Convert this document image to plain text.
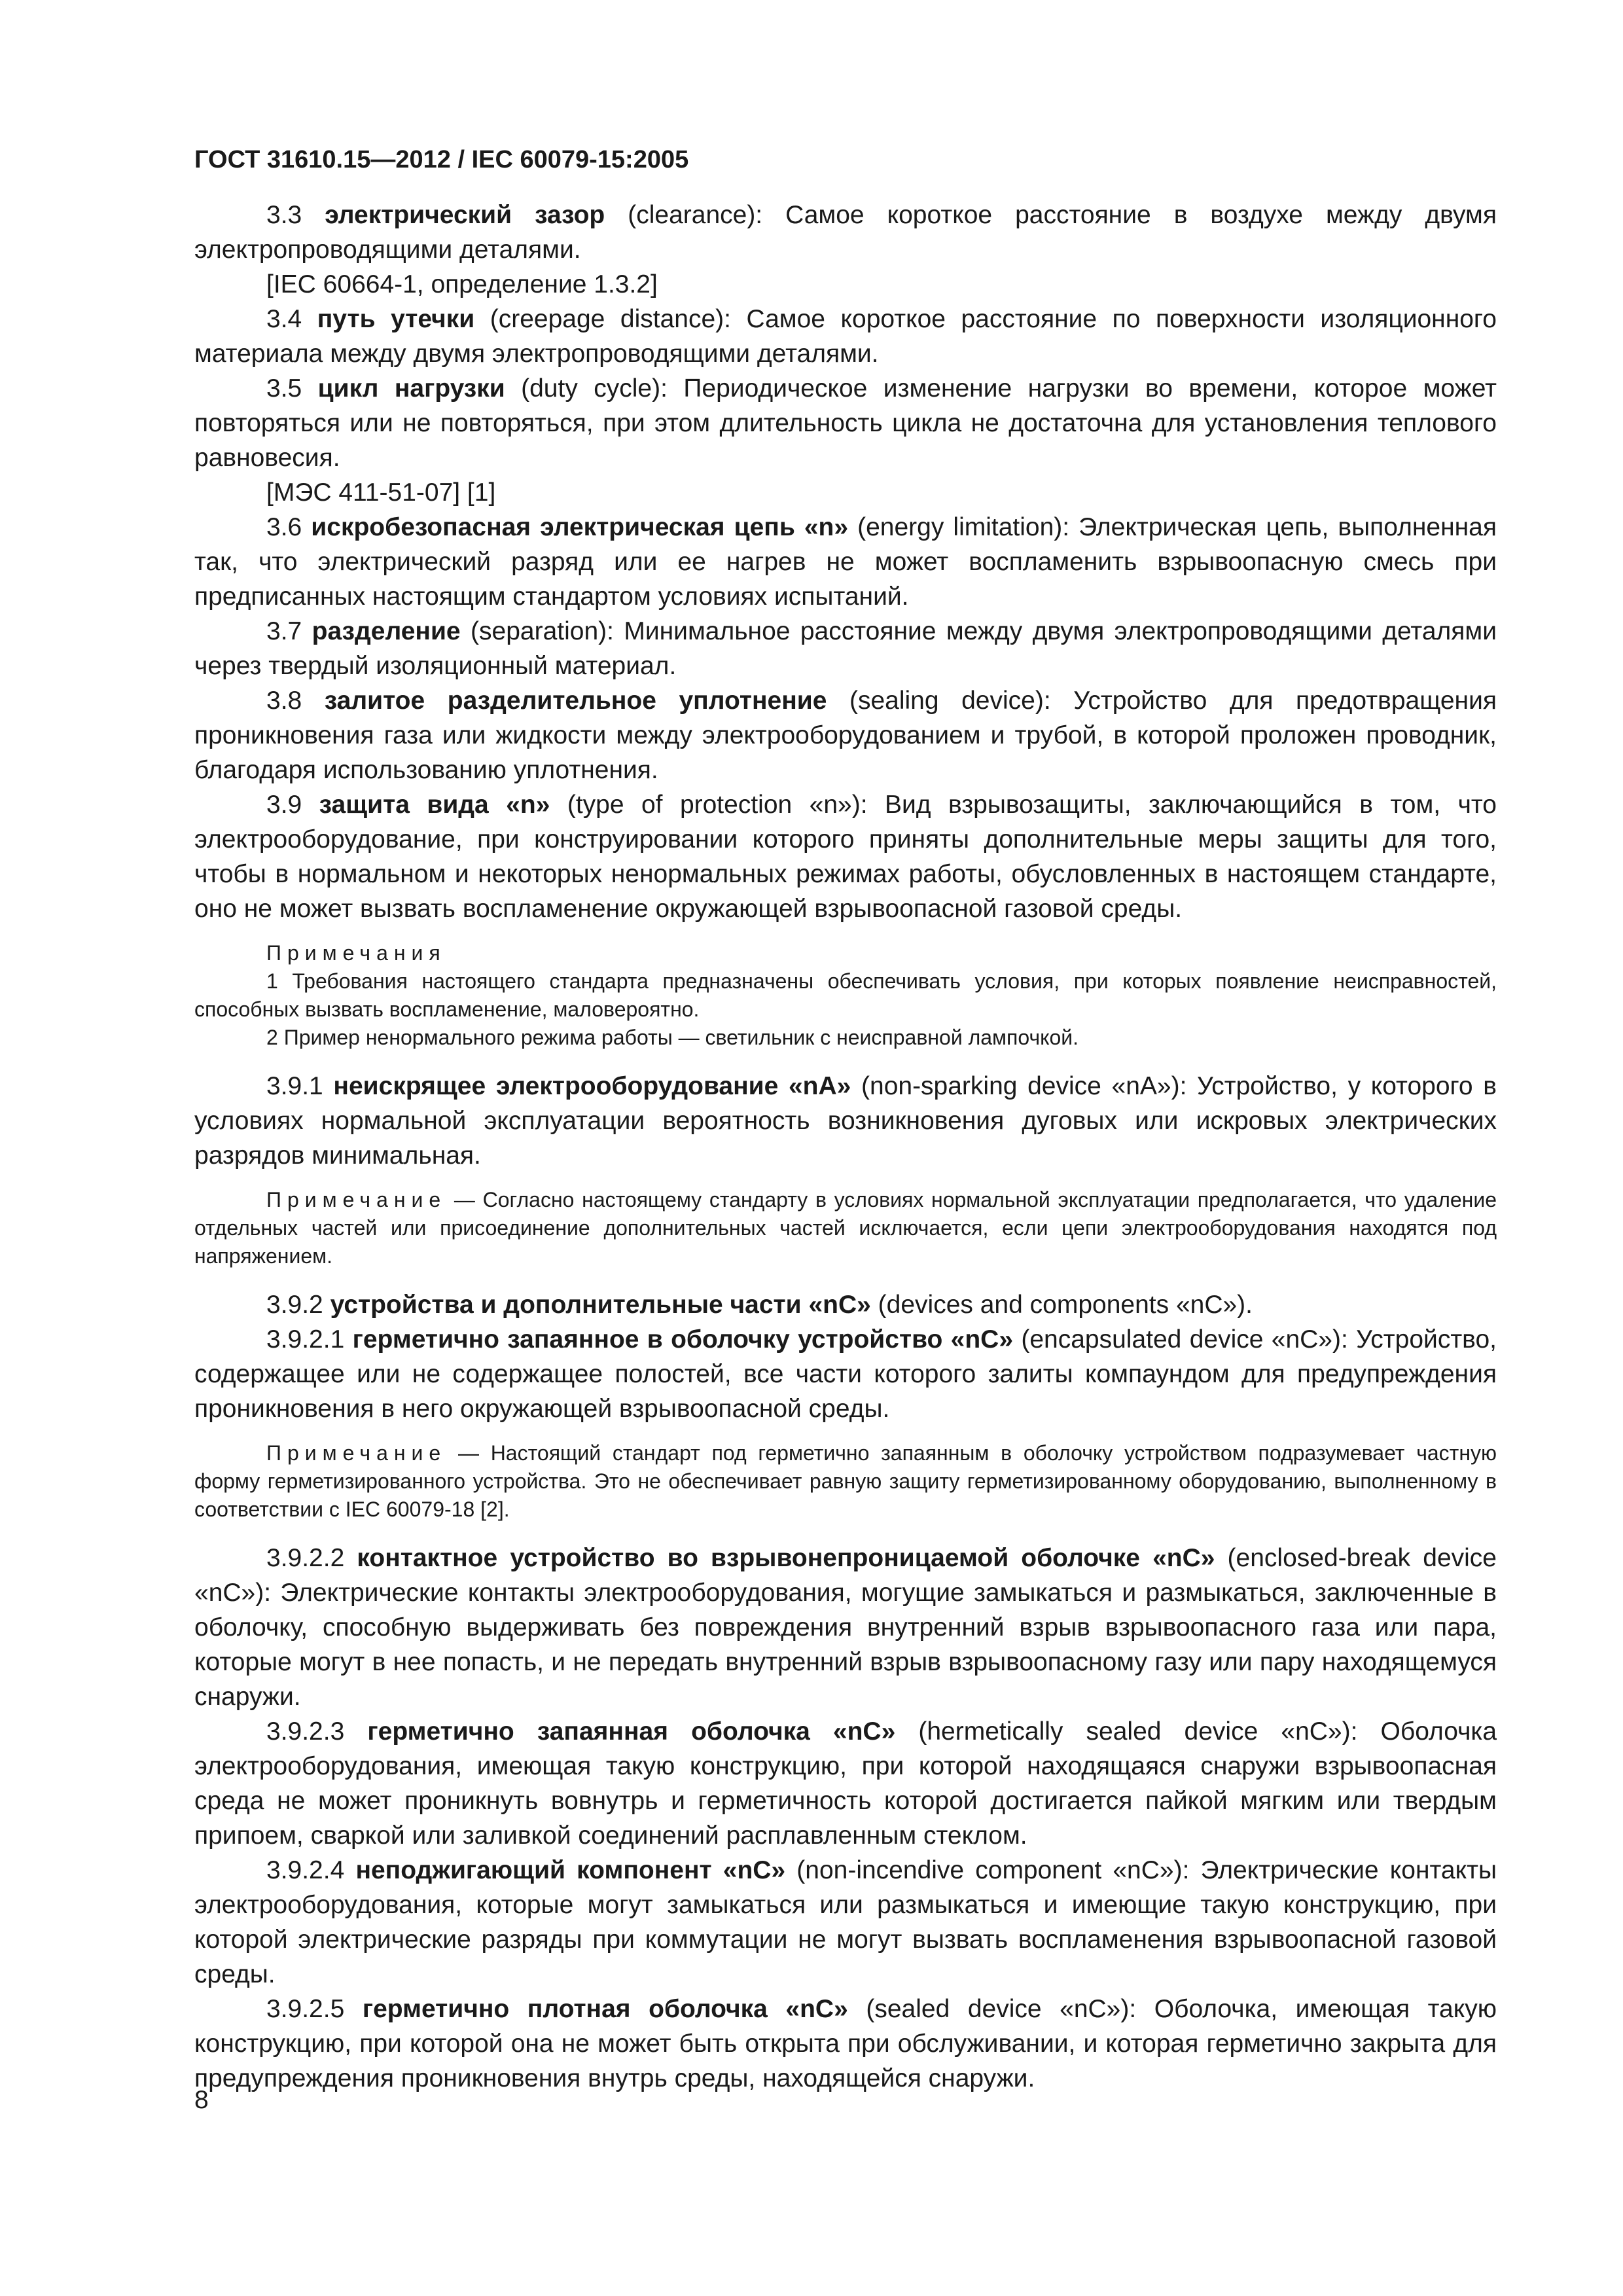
ГОСТ 31610.15—2012 / IEC 60079-15:2005

3.3 электрический зазор (clearance): Самое короткое расстояние в воздухе между двумя электропроводящими деталями.

[IEC 60664-1, определение 1.3.2]

3.4 путь утечки (creepage distance): Самое короткое расстояние по поверхности изоляционного материала между двумя электропроводящими деталями.

3.5 цикл нагрузки (duty cycle): Периодическое изменение нагрузки во времени, которое может повторяться или не повторяться, при этом длительность цикла не достаточна для установления теплового равновесия.

[МЭС 411-51-07] [1]

3.6 искробезопасная электрическая цепь «n» (energy limitation): Электрическая цепь, выполненная так, что электрический разряд или ее нагрев не может воспламенить взрывоопасную смесь при предписанных настоящим стандартом условиях испытаний.

3.7 разделение (separation): Минимальное расстояние между двумя электропроводящими деталями через твердый изоляционный материал.

3.8 залитое разделительное уплотнение (sealing device): Устройство для предотвращения проникновения газа или жидкости между электрооборудованием и трубой, в которой проложен проводник, благодаря использованию уплотнения.

3.9 защита вида «n» (type of protection «n»): Вид взрывозащиты, заключающийся в том, что электрооборудование, при конструировании которого приняты дополнительные меры защиты для того, чтобы в нормальном и некоторых ненормальных режимах работы, обусловленных в настоящем стандарте, оно не может вызвать воспламенение окружающей взрывоопасной газовой среды.

Примечания

1 Требования настоящего стандарта предназначены обеспечивать условия, при которых появление неисправностей, способных вызвать воспламенение, маловероятно.

2 Пример ненормального режима работы — светильник с неисправной лампочкой.

3.9.1 неискрящее электрооборудование «nA» (non-sparking device «nA»): Устройство, у которого в условиях нормальной эксплуатации вероятность возникновения дуговых или искровых электрических разрядов минимальная.

Примечание — Согласно настоящему стандарту в условиях нормальной эксплуатации предполагается, что удаление отдельных частей или присоединение дополнительных частей исключается, если цепи электрооборудования находятся под напряжением.

3.9.2 устройства и дополнительные части «nC» (devices and components «nC»).

3.9.2.1 герметично запаянное в оболочку устройство «nC» (encapsulated device «nC»): Устройство, содержащее или не содержащее полостей, все части которого залиты компаундом для предупреждения проникновения в него окружающей взрывоопасной среды.

Примечание — Настоящий стандарт под герметично запаянным в оболочку устройством подразумевает частную форму герметизированного устройства. Это не обеспечивает равную защиту герметизированному оборудованию, выполненному в соответствии с IEC 60079-18 [2].

3.9.2.2 контактное устройство во взрывонепроницаемой оболочке «nC» (enclosed-break device «nC»): Электрические контакты электрооборудования, могущие замыкаться и размыкаться, заключенные в оболочку, способную выдерживать без повреждения внутренний взрыв взрывоопасного газа или пара, которые могут в нее попасть, и не передать внутренний взрыв взрывоопасному газу или пару находящемуся снаружи.

3.9.2.3 герметично запаянная оболочка «nC» (hermetically sealed device «nC»): Оболочка электрооборудования, имеющая такую конструкцию, при которой находящаяся снаружи взрывоопасная среда не может проникнуть вовнутрь и герметичность которой достигается пайкой мягким или твердым припоем, сваркой или заливкой соединений расплавленным стеклом.

3.9.2.4 неподжигающий компонент «nC» (non-incendive component «nC»): Электрические контакты электрооборудования, которые могут замыкаться или размыкаться и имеющие такую конструкцию, при которой электрические разряды при коммутации не могут вызвать воспламенения взрывоопасной газовой среды.

3.9.2.5 герметично плотная оболочка «nC» (sealed device «nC»): Оболочка, имеющая такую конструкцию, при которой она не может быть открыта при обслуживании, и которая герметично закрыта для предупреждения проникновения внутрь среды, находящейся снаружи.

8
